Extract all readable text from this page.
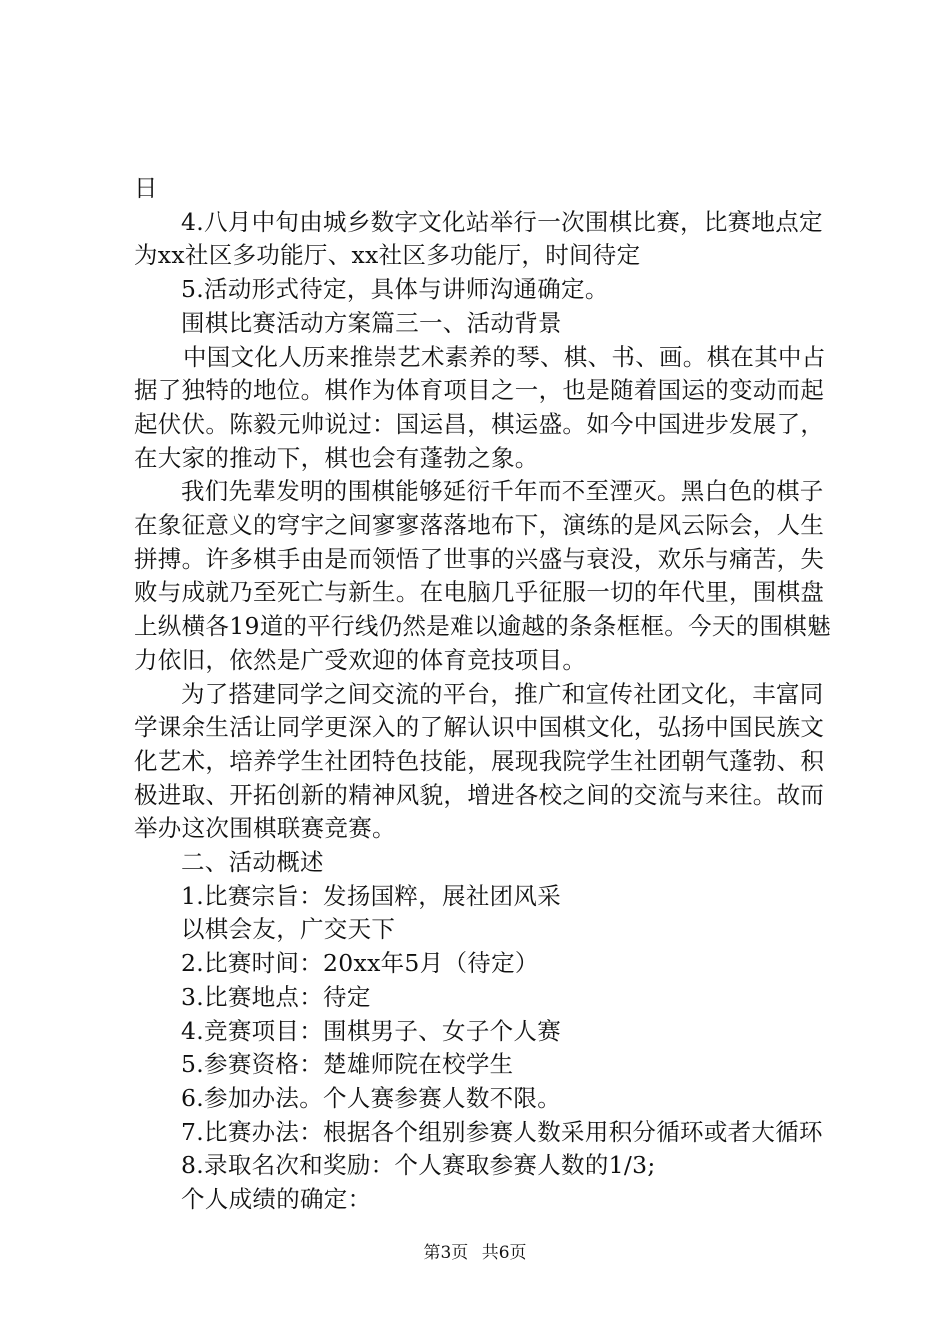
日

4.八月中旬由城乡数字文化站举行一次围棋比赛，比赛地点定为xx社区多功能厅、xx社区多功能厅，时间待定

5.活动形式待定，具体与讲师沟通确定。

围棋比赛活动方案篇三一、活动背景

中国文化人历来推崇艺术素养的琴、棋、书、画。棋在其中占据了独特的地位。棋作为体育项目之一，也是随着国运的变动而起起伏伏。陈毅元帅说过：国运昌，棋运盛。如今中国进步发展了，在大家的推动下，棋也会有蓬勃之象。

我们先辈发明的围棋能够延衍千年而不至湮灭。黑白色的棋子在象征意义的穹宇之间寥寥落落地布下，演练的是风云际会，人生拼搏。许多棋手由是而领悟了世事的兴盛与衰没，欢乐与痛苦，失败与成就乃至死亡与新生。在电脑几乎征服一切的年代里，围棋盘上纵横各19道的平行线仍然是难以逾越的条条框框。今天的围棋魅力依旧，依然是广受欢迎的体育竞技项目。

为了搭建同学之间交流的平台，推广和宣传社团文化，丰富同学课余生活让同学更深入的了解认识中国棋文化，弘扬中国民族文化艺术，培养学生社团特色技能，展现我院学生社团朝气蓬勃、积极进取、开拓创新的精神风貌，增进各校之间的交流与来往。故而举办这次围棋联赛竞赛。

二、活动概述

1.比赛宗旨：发扬国粹，展社团风采

以棋会友，广交天下

2.比赛时间：20xx年5月（待定）

3.比赛地点：待定

4.竞赛项目：围棋男子、女子个人赛

5.参赛资格：楚雄师院在校学生

6.参加办法。个人赛参赛人数不限。

7.比赛办法：根据各个组别参赛人数采用积分循环或者大循环

8.录取名次和奖励：个人赛取参赛人数的1/3;

个人成绩的确定：

第3页 共6页
